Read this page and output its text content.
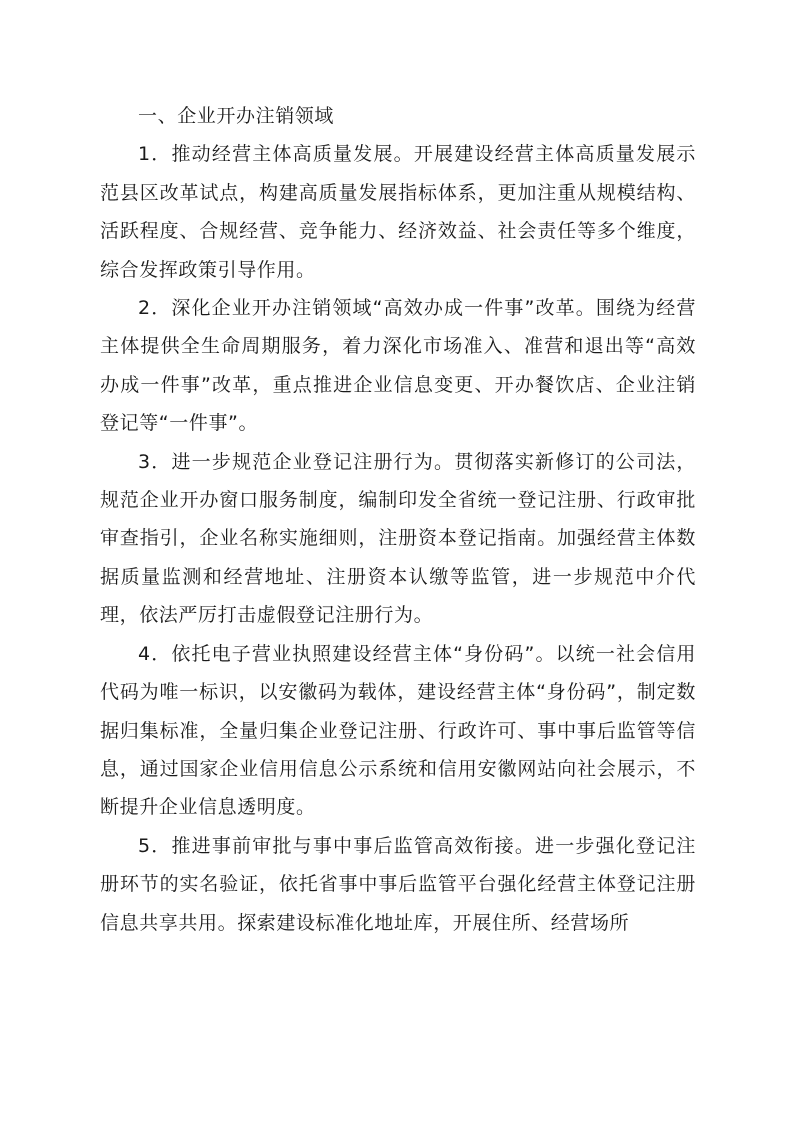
一、企业开办注销领域

1．推动经营主体高质量发展。开展建设经营主体高质量发展示范县区改革试点，构建高质量发展指标体系，更加注重从规模结构、活跃程度、合规经营、竞争能力、经济效益、社会责任等多个维度，综合发挥政策引导作用。

2．深化企业开办注销领域“高效办成一件事”改革。围绕为经营主体提供全生命周期服务，着力深化市场准入、准营和退出等“高效办成一件事”改革，重点推进企业信息变更、开办餐饮店、企业注销登记等“一件事”。

3．进一步规范企业登记注册行为。贯彻落实新修订的公司法，规范企业开办窗口服务制度，编制印发全省统一登记注册、行政审批审查指引，企业名称实施细则，注册资本登记指南。加强经营主体数据质量监测和经营地址、注册资本认缴等监管，进一步规范中介代理，依法严厉打击虚假登记注册行为。

4．依托电子营业执照建设经营主体“身份码”。以统一社会信用代码为唯一标识，以安徽码为载体，建设经营主体“身份码”，制定数据归集标准，全量归集企业登记注册、行政许可、事中事后监管等信息，通过国家企业信用信息公示系统和信用安徽网站向社会展示，不断提升企业信息透明度。

5．推进事前审批与事中事后监管高效衔接。进一步强化登记注册环节的实名验证，依托省事中事后监管平台强化经营主体登记注册信息共享共用。探索建设标准化地址库，开展住所、经营场所
